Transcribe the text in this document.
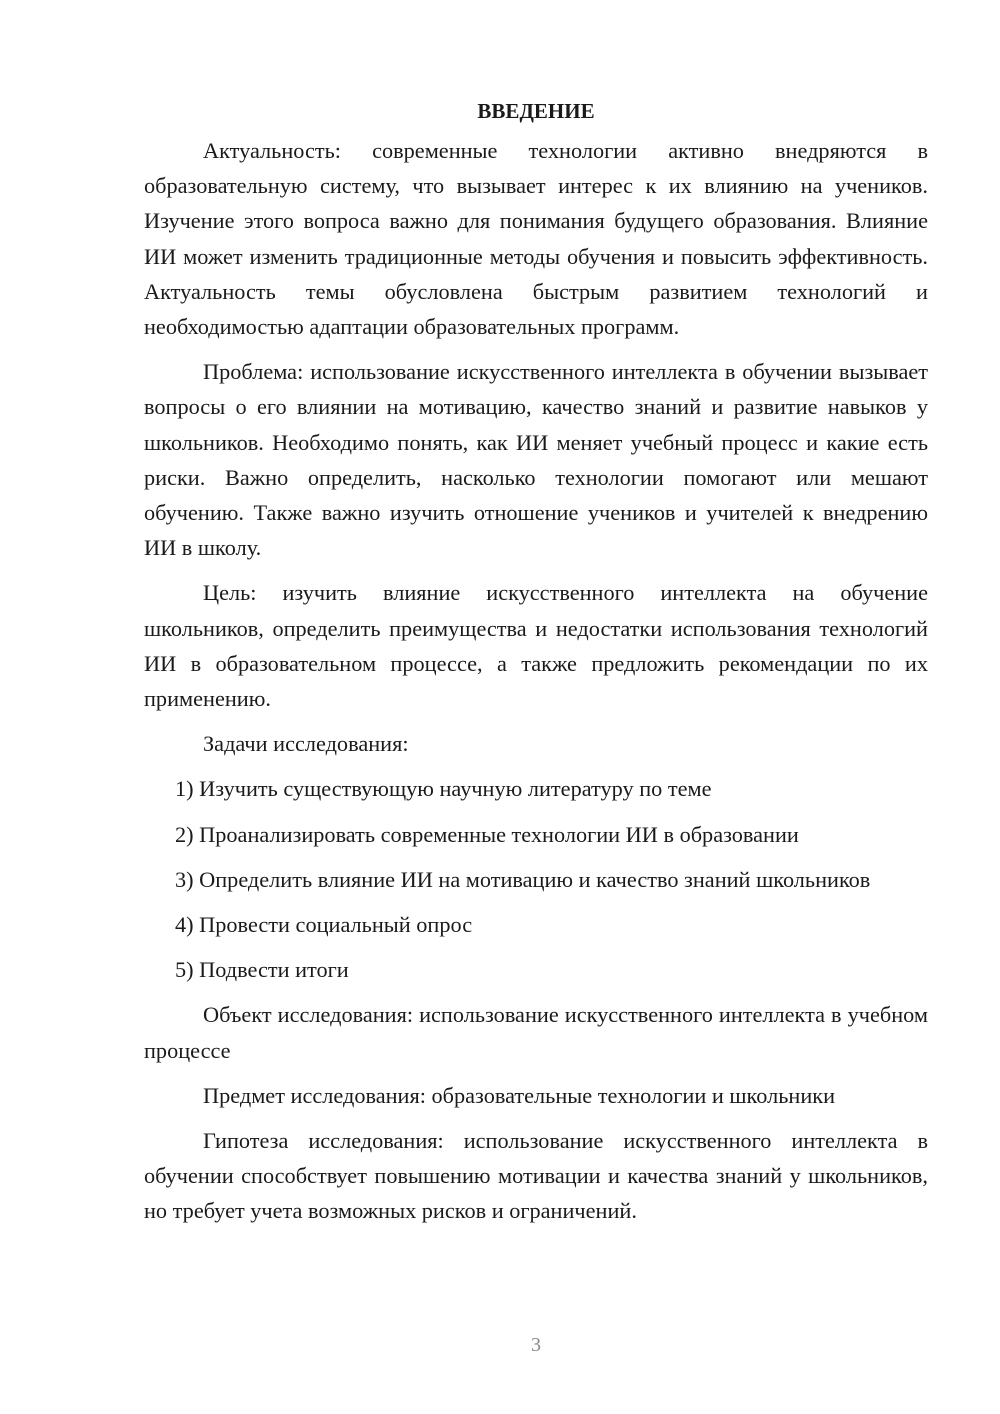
ВВЕДЕНИЕ

Актуальность: современные технологии активно внедряются в образовательную систему, что вызывает интерес к их влиянию на учеников. Изучение этого вопроса важно для понимания будущего образования. Влияние ИИ может изменить традиционные методы обучения и повысить эффективность. Актуальность темы обусловлена быстрым развитием технологий и необходимостью адаптации образовательных программ.

Проблема: использование искусственного интеллекта в обучении вызывает вопросы о его влиянии на мотивацию, качество знаний и развитие навыков у школьников. Необходимо понять, как ИИ меняет учебный процесс и какие есть риски. Важно определить, насколько технологии помогают или мешают обучению. Также важно изучить отношение учеников и учителей к внедрению ИИ в школу.

Цель: изучить влияние искусственного интеллекта на обучение школьников, определить преимущества и недостатки использования технологий ИИ в образовательном процессе, а также предложить рекомендации по их применению.

Задачи исследования:

1) Изучить существующую научную литературу по теме
2) Проанализировать современные технологии ИИ в образовании
3) Определить влияние ИИ на мотивацию и качество знаний школьников
4) Провести социальный опрос
5) Подвести итоги

Объект исследования: использование искусственного интеллекта в учебном процессе

Предмет исследования: образовательные технологии и школьники

Гипотеза исследования: использование искусственного интеллекта в обучении способствует повышению мотивации и качества знаний у школьников, но требует учета возможных рисков и ограничений.

3
